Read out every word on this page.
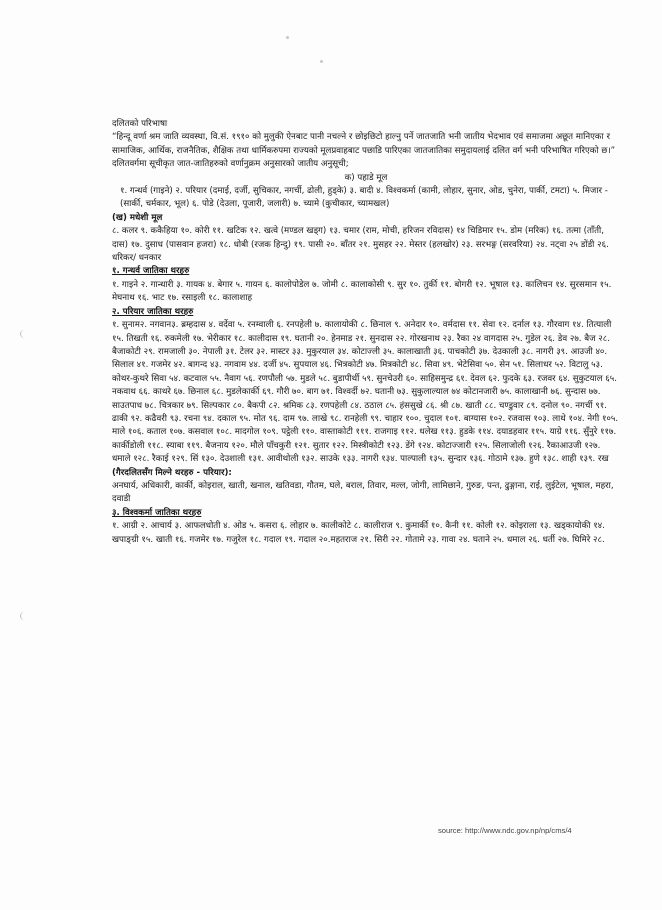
दलितको परिभाषा

“हिन्दू वर्णा श्रम जाति व्यवस्था, वि.सं. १९१० को मुलुकी ऐनबाट पानी नचल्ने र छोइछिटो हाल्नु पर्ने जातजाति भनी जातीय भेदभाव एवं समाजमा अछूत मानिएका र सामाजिक, आर्थिक, राजनैतिक, शैक्षिक तथा धार्मिकरुपमा राज्यको मूलप्रवाहबाट पछाडि पारिएका जातजातिका समुदायलाई दलित वर्ग भनी परिभाषित गरिएको छ।”

दलितवर्गमा सूचीकृत जात-जातिहरुको वर्णानुक्रम अनुसारको जातीय अनुसूची;

क) पहाडे मूल

१. गन्धर्व (गाइने) २. परियार (दमाई, दर्जी, सुचिकार, नगर्ची, ढोली, हुड्के) ३. बादी ४. विश्वकर्मा (कामी, लोहार, सुनार, ओड, चुनेरा, पार्की, टमटा) ५. मिजार - (सार्की, चर्मकार, भूल) ६. पोडे (देउला, पूजारी, जलारी) ७. च्यामे (कुचीकार, च्यामखल)

(ख) मधेशी मूल

८. कलर ९. ककैहिया १०. कोरी ११. खटिक १२. खत्वे (मण्डल खड्ग) १३. चमार (राम, मोची, हरिजन रविदास) १४ चिडिमार १५. डोम (मरिक) १६. तत्मा (ताँती, दास) १७. दुसाध (पासवान हजरा) १८. धोबी (रजक हिन्दु) १९. पासी २०. बाँतर २१. मुसहर २२. मेस्तर (हलखोर) २३. सरभङ्ग (सरवरिया) २४. नट्वा २५ डोंडी २६. धरिकर/ धनकार

१. गन्धर्व जातिका थरहरु

१. गाइने २. गान्धारी ३. गायक ४. बेगार ५. गायन ६. कालोपोडेल ७. जोमी ८. कालाकोसी ९. सुर १०. तुर्की ११. बोगरी १२. भूषाल १३. कालिचन १४. सुरसमान १५. मेघनाथ १६. भाट १७. रसाइली १८. कालाशाह

२. परियार जातिका थरहरु

१. सुनाम२. नगवान३. ब्रम्हदास ४. वर्देवा ५. रनम्वाली ६. रनपहेली ७. कालायोकी ८. छिनाल ९. अनेदार १०. वर्मदास ११. सेवा १२. दर्नाल १३. गौरवाग १४. तित्याली १५. तिखती १६. रुकमेली १७. भेरीकार १८. कालीदास १९. घतानी २०. हेनमाड २१. सुनदास २२. गोरखनाथ २३. रैका २४ वागदास २५. गुडेल २६. डेव २७. बैज २८. बैजाकोटी २९. रामजाली ३०. नेपाली ३१. टेलर ३२. मास्टर ३३. मुकुरयाल ३४. कोटाज्ली ३५. कालाखाती ३६. पाचकोटी ३७. देउकाली ३८. नागरी ३९. आउजी ४०. सिलाल ४१. गजमेर ४२. बागन्द ४३. नगवाम ४४. दर्जी ४५. सुपयाल ४६. भित्रकोटी ४७. मित्रकोटी ४८. सिवा ४९. भेटेसिवा ५०. सेन ५१. सिलाधर ५२. विटालु ५३. कोथर-कुथरे सिवा ५४. कटवाल ५५. नैवाग ५६. रणपौली ५७. मुडले ५८. बुडापीर्थी ५९. सुनचेउरी ६०. साहिसमुन्द्र ६१. देवल ६२. फुदके ६३. रजवर ६४. सुकुटयाल ६५. नकवाथ ६६. काथरे ६७. छिनाल ६८. मुडलेकार्की ६९. गौरी ७०. बाग ७१. विश्वर्दी ७२. घतानी ७३. सुकुलाल्याल ७४ कोटानजारी ७५. कालाखानी ७६. सुन्दास ७७. साउतपाध ७८. चित्रकार ७९. सिल्पकार ८०. बैकपी ८२. श्रमिक ८३. रणपहेली ८४. ठठाल ८५. हंससुखे ८६. श्री ८७. खाती ८८. चण्डुवार ८९. दनोल ९०. नगर्ची ९१. ढाकी ९२. कढैवरी ९३. रचना ९४. दकाल ९५. मोत ९६. दाम ९७. लाखे ९८. रानहेली ९९. चाहार १००. चुदाल १०१. बाग्यास १०२. रजवास १०३. लाथे १०४. नेगी १०५. माले १०६. कताल १०७. कसवाल १०८. मादगोल १०९. पट्ठेली ११०. वास्ताकोटी १११. राजगाइ ११२. धलेख ११३. हुडके ११४. दयाडहवार ११५. याग्रे ११६. सुँनुरे ११७. कार्कीडोली ११८. स्याबा ११९. बैजनाय १२०. मौले पाँचकुरी १२१. सुतार १२२. मिस्त्रीकोटी १२३. डेंगे १२४. कोटाज्जारी १२५. सिलाजोली १२६. रैकाआउजी १२७. धमाले १२८. रैकाई १२९. सिं १३०. देउशाली १३१. आवीथोली १३२. साउके १३३. नागरी १३४. पाल्पाली १३५. सुन्दार १३६. गोठामे १३७. हुणे १३८. शाही १३९. रख

(गैरदलितसँग मिल्ने थरहरु - परियार):

अनघार्य, अधिकारी, कार्की, कोइराल, खाती, खनाल, खतिवडा, गौतम, घले, बराल, तिवार, मल्ल, जोगी, लामिछाने, गुरुङ, पन्त, ढुङ्गाना, राई, लुईटेल, भूषाल, महरा, दवाडी

३. विश्वकर्मा जातिका थरहरु

१. आग्री २. आचार्य ३. आफलधोती ४. ओड ५. कसरा ६. लोहार ७. कालीकोटे ८. कालीराज ९. कुमार्की १०. कैनी ११. कोली १२. कोइराला १३. खड्कायोकी १४. खपाङ्ग्री १५. खाती १६. गजमेर १७. गजुरेल १८. गदाल १९. गदाल २०.महतराज २१. सिरी २२. गोतामे २३. गावा २४. घताने २५. धमाल २६. धर्ती २७. घिमिरे २८.

source: http://www.ndc.gov.np/np/cms/4
